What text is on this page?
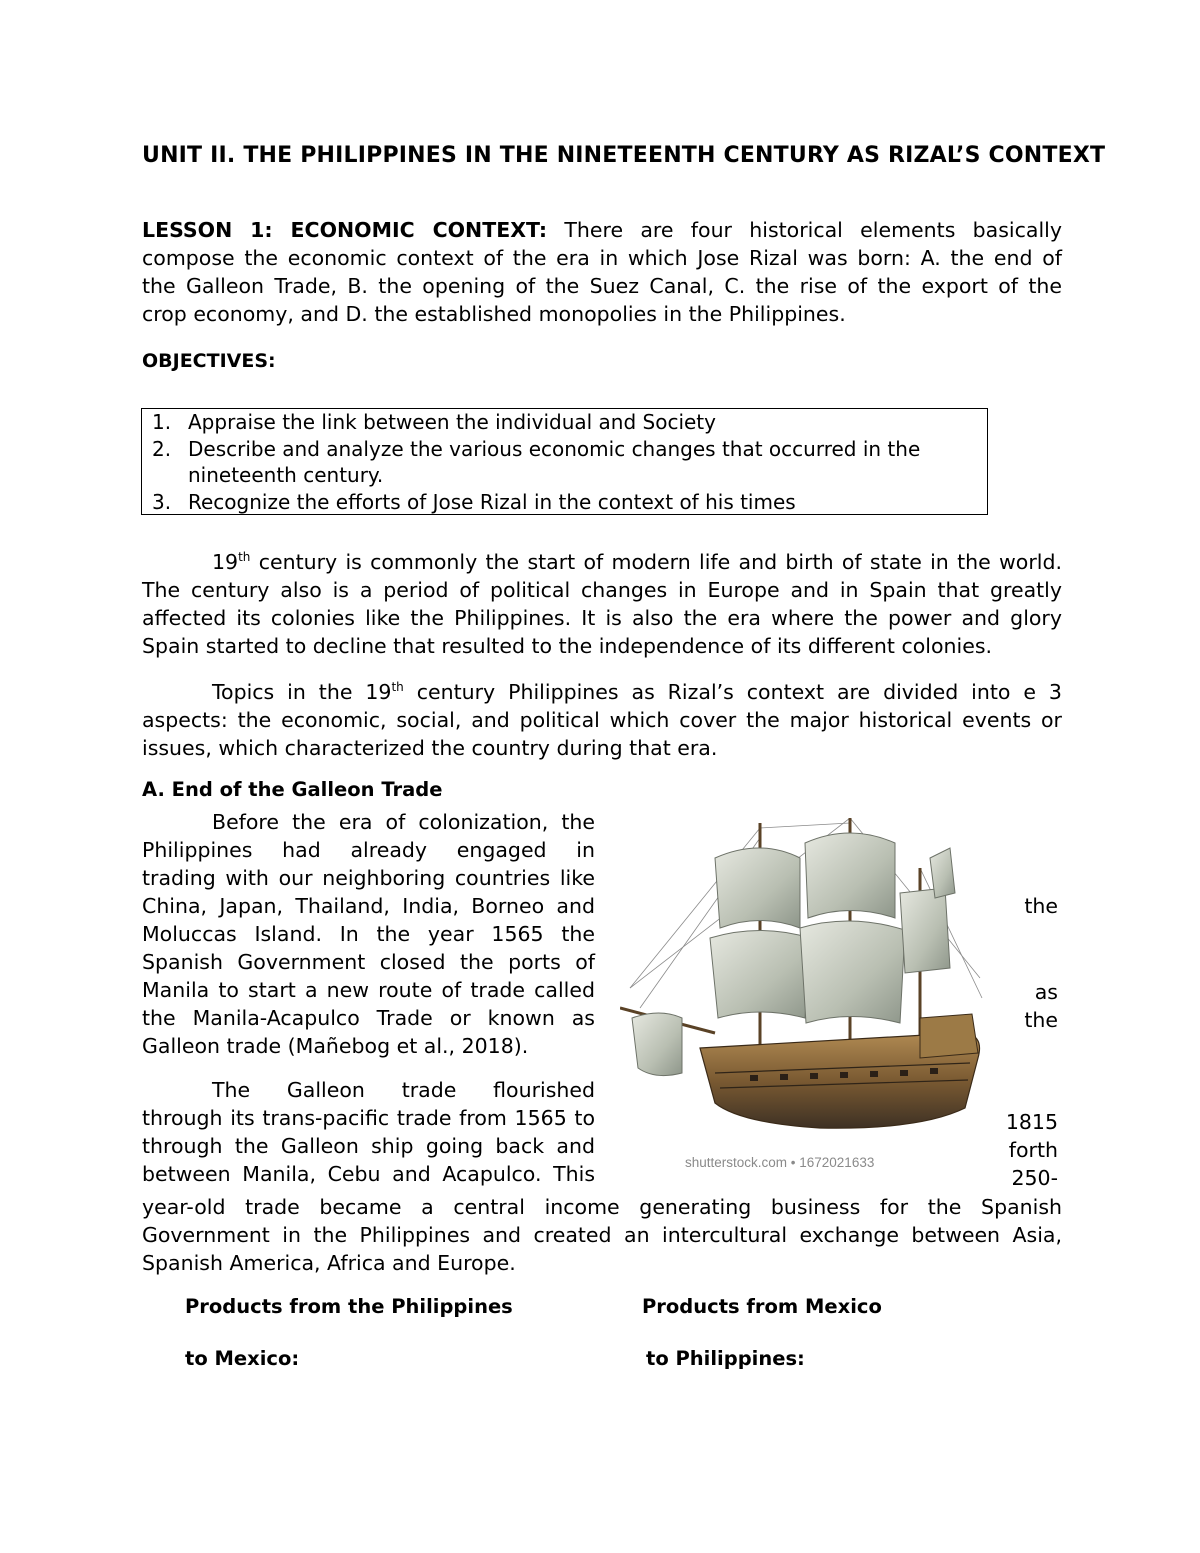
UNIT II. THE PHILIPPINES IN THE NINETEENTH CENTURY AS RIZAL’S CONTEXT
LESSON 1: ECONOMIC CONTEXT: There are four historical elements basically
compose the economic context of the era in which Jose Rizal was born: A. the end of
the Galleon Trade, B. the opening of the Suez Canal, C. the rise of the export of the
crop economy, and D. the established monopolies in the Philippines.
OBJECTIVES:
1. Appraise the link between the individual and Society
2. Describe and analyze the various economic changes that occurred in the nineteenth century.
3. Recognize the efforts of Jose Rizal in the context of his times
19th century is commonly the start of modern life and birth of state in the world.
The century also is a period of political changes in Europe and in Spain that greatly
affected its colonies like the Philippines. It is also the era where the power and glory
Spain started to decline that resulted to the independence of its different colonies.
Topics in the 19th century Philippines as Rizal’s context are divided into e 3
aspects: the economic, social, and political which cover the major historical events or
issues, which characterized the country during that era.
A. End of the Galleon Trade
Before the era of colonization, the
Philippines had already engaged in
trading with our neighboring countries like
China, Japan, Thailand, India, Borneo and
Moluccas Island. In the year 1565 the
Spanish Government closed the ports of
Manila to start a new route of trade called
the Manila-Acapulco Trade or known as
Galleon trade (Mañebog et al., 2018).
The Galleon trade flourished
through its trans-pacific trade from 1565 to
through the Galleon ship going back and
between Manila, Cebu and Acapulco. This
the
as
the
1815
forth
250-
shutterstock.com • 1672021633
year-old trade became a central income generating business for the Spanish
Government in the Philippines and created an intercultural exchange between Asia,
Spanish America, Africa and Europe.
Products from the Philippines
to Mexico:
Products from Mexico
to Philippines:
